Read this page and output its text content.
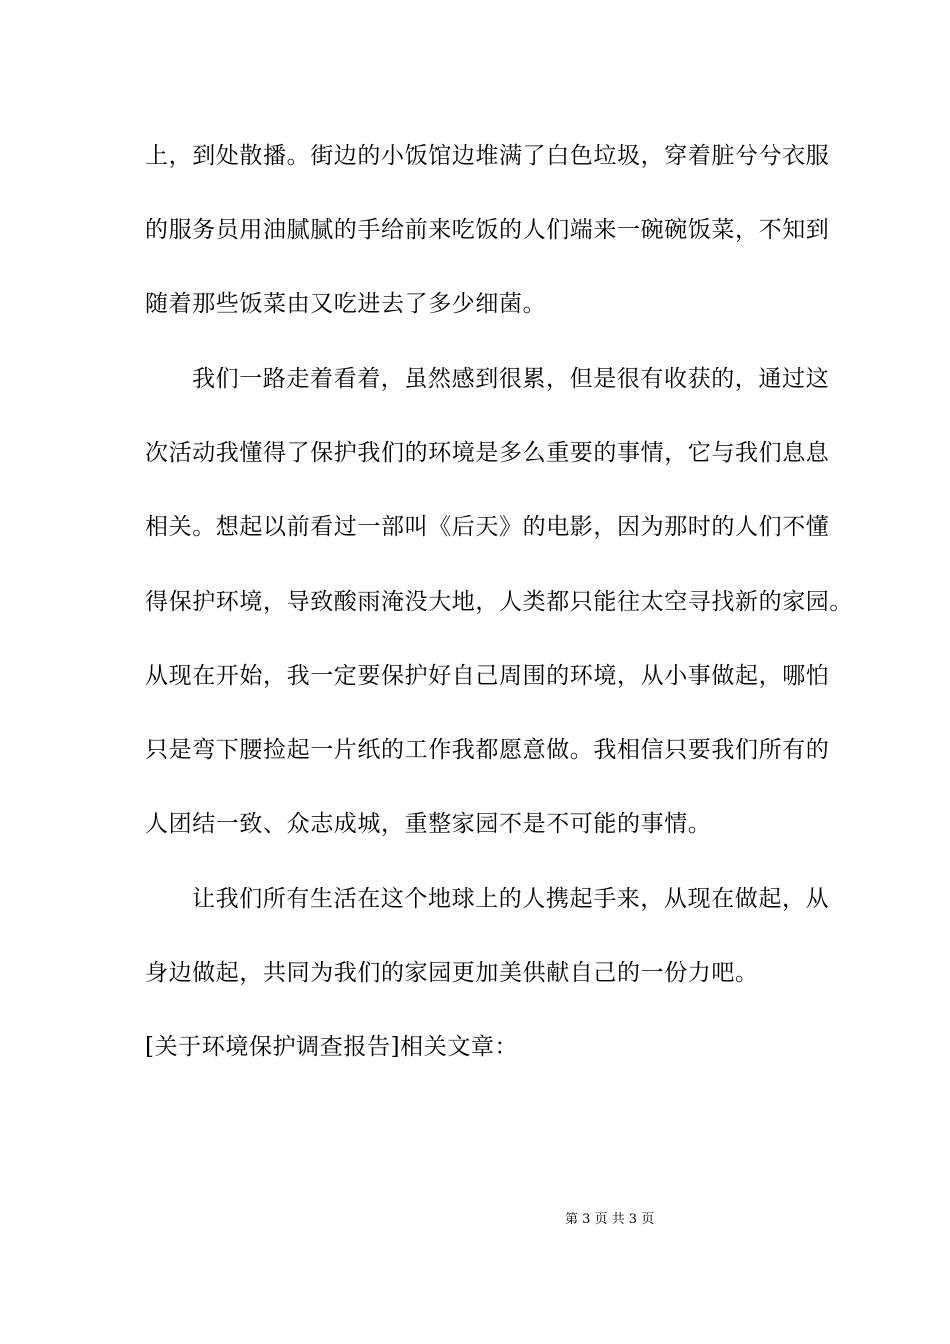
上，到处散播。街边的小饭馆边堆满了白色垃圾，穿着脏兮兮衣服
的服务员用油腻腻的手给前来吃饭的人们端来一碗碗饭菜，不知到
随着那些饭菜由又吃进去了多少细菌。
我们一路走着看着，虽然感到很累，但是很有收获的，通过这
次活动我懂得了保护我们的环境是多么重要的事情，它与我们息息
相关。想起以前看过一部叫《后天》的电影，因为那时的人们不懂
得保护环境，导致酸雨淹没大地，人类都只能往太空寻找新的家园。
从现在开始，我一定要保护好自己周围的环境，从小事做起，哪怕
只是弯下腰捡起一片纸的工作我都愿意做。我相信只要我们所有的
人团结一致、众志成城，重整家园不是不可能的事情。
让我们所有生活在这个地球上的人携起手来，从现在做起，从
身边做起，共同为我们的家园更加美供献自己的一份力吧。
[关于环境保护调查报告]相关文章：
第 3 页 共 3 页
